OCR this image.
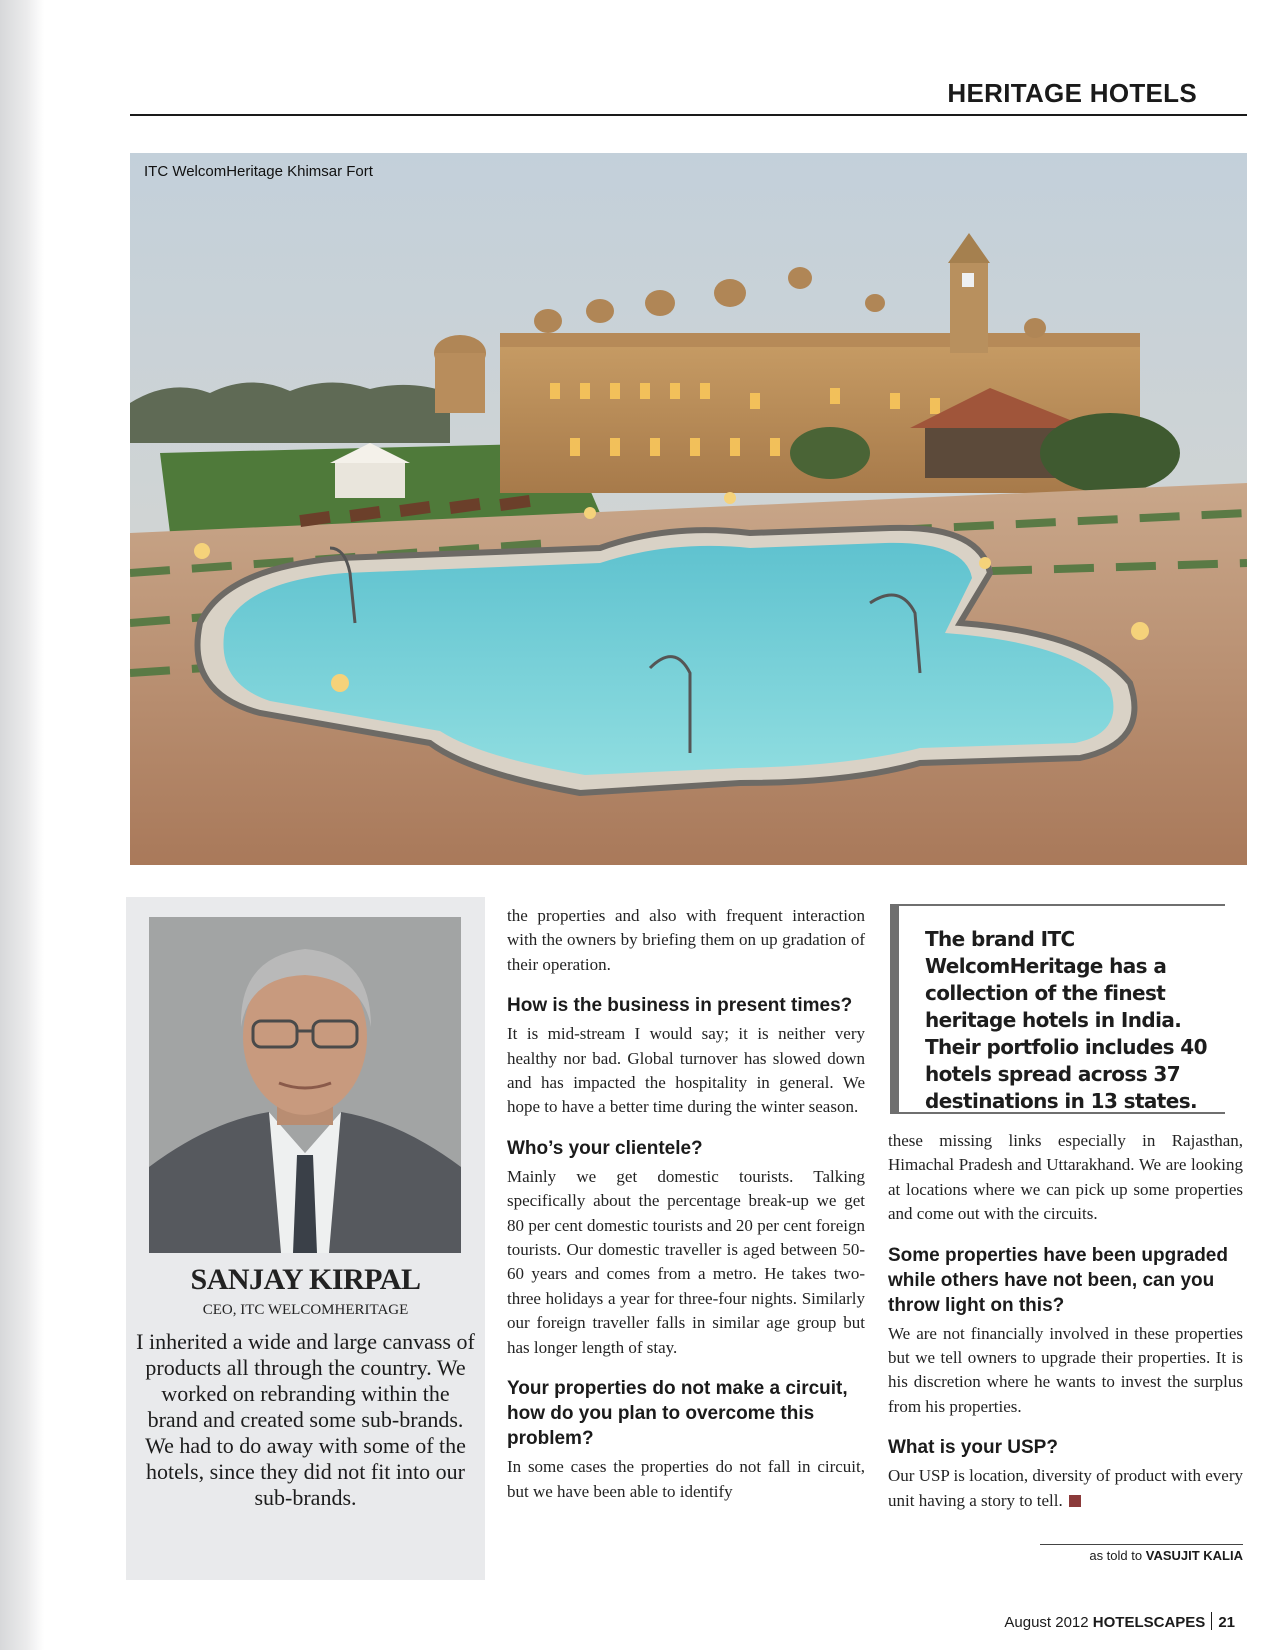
HERITAGE HOTELS
ITC WelcomHeritage Khimsar Fort
SANJAY KIRPAL
CEO, ITC WELCOMHERITAGE
I inherited a wide and large canvass of products all through the country. We worked on rebranding within the brand and created some sub-brands. We had to do away with some of the hotels, since they did not fit into our sub-brands.

the properties and also with frequent interaction with the owners by briefing them on up gradation of their operation.

How is the business in present times?

It is mid-stream I would say; it is neither very healthy nor bad. Global turnover has slowed down and has impacted the hospitality in general. We hope to have a better time during the winter season.

Who’s your clientele?

Mainly we get domestic tourists. Talking specifically about the percentage break-up we get 80 per cent domestic tourists and 20 per cent foreign tourists. Our domestic traveller is aged between 50-60 years and comes from a metro. He takes two-three holidays a year for three-four nights. Similarly our foreign traveller falls in similar age group but has longer length of stay.

Your properties do not make a circuit, how do you plan to overcome this problem?

In some cases the properties do not fall in circuit, but we have been able to identify

The brand ITC WelcomHeritage has a collection of the finest heritage hotels in India. Their portfolio includes 40 hotels spread across 37 destinations in 13 states.

these missing links especially in Rajasthan, Himachal Pradesh and Uttarakhand. We are looking at locations where we can pick up some properties and come out with the circuits.

Some properties have been upgraded while others have not been, can you throw light on this?

We are not financially involved in these properties but we tell owners to upgrade their properties. It is his discretion where he wants to invest the surplus from his properties.

What is your USP?

Our USP is location, diversity of product with every unit having a story to tell.

as told to VASUJIT KALIA
August 2012 HOTELSCAPES 21
